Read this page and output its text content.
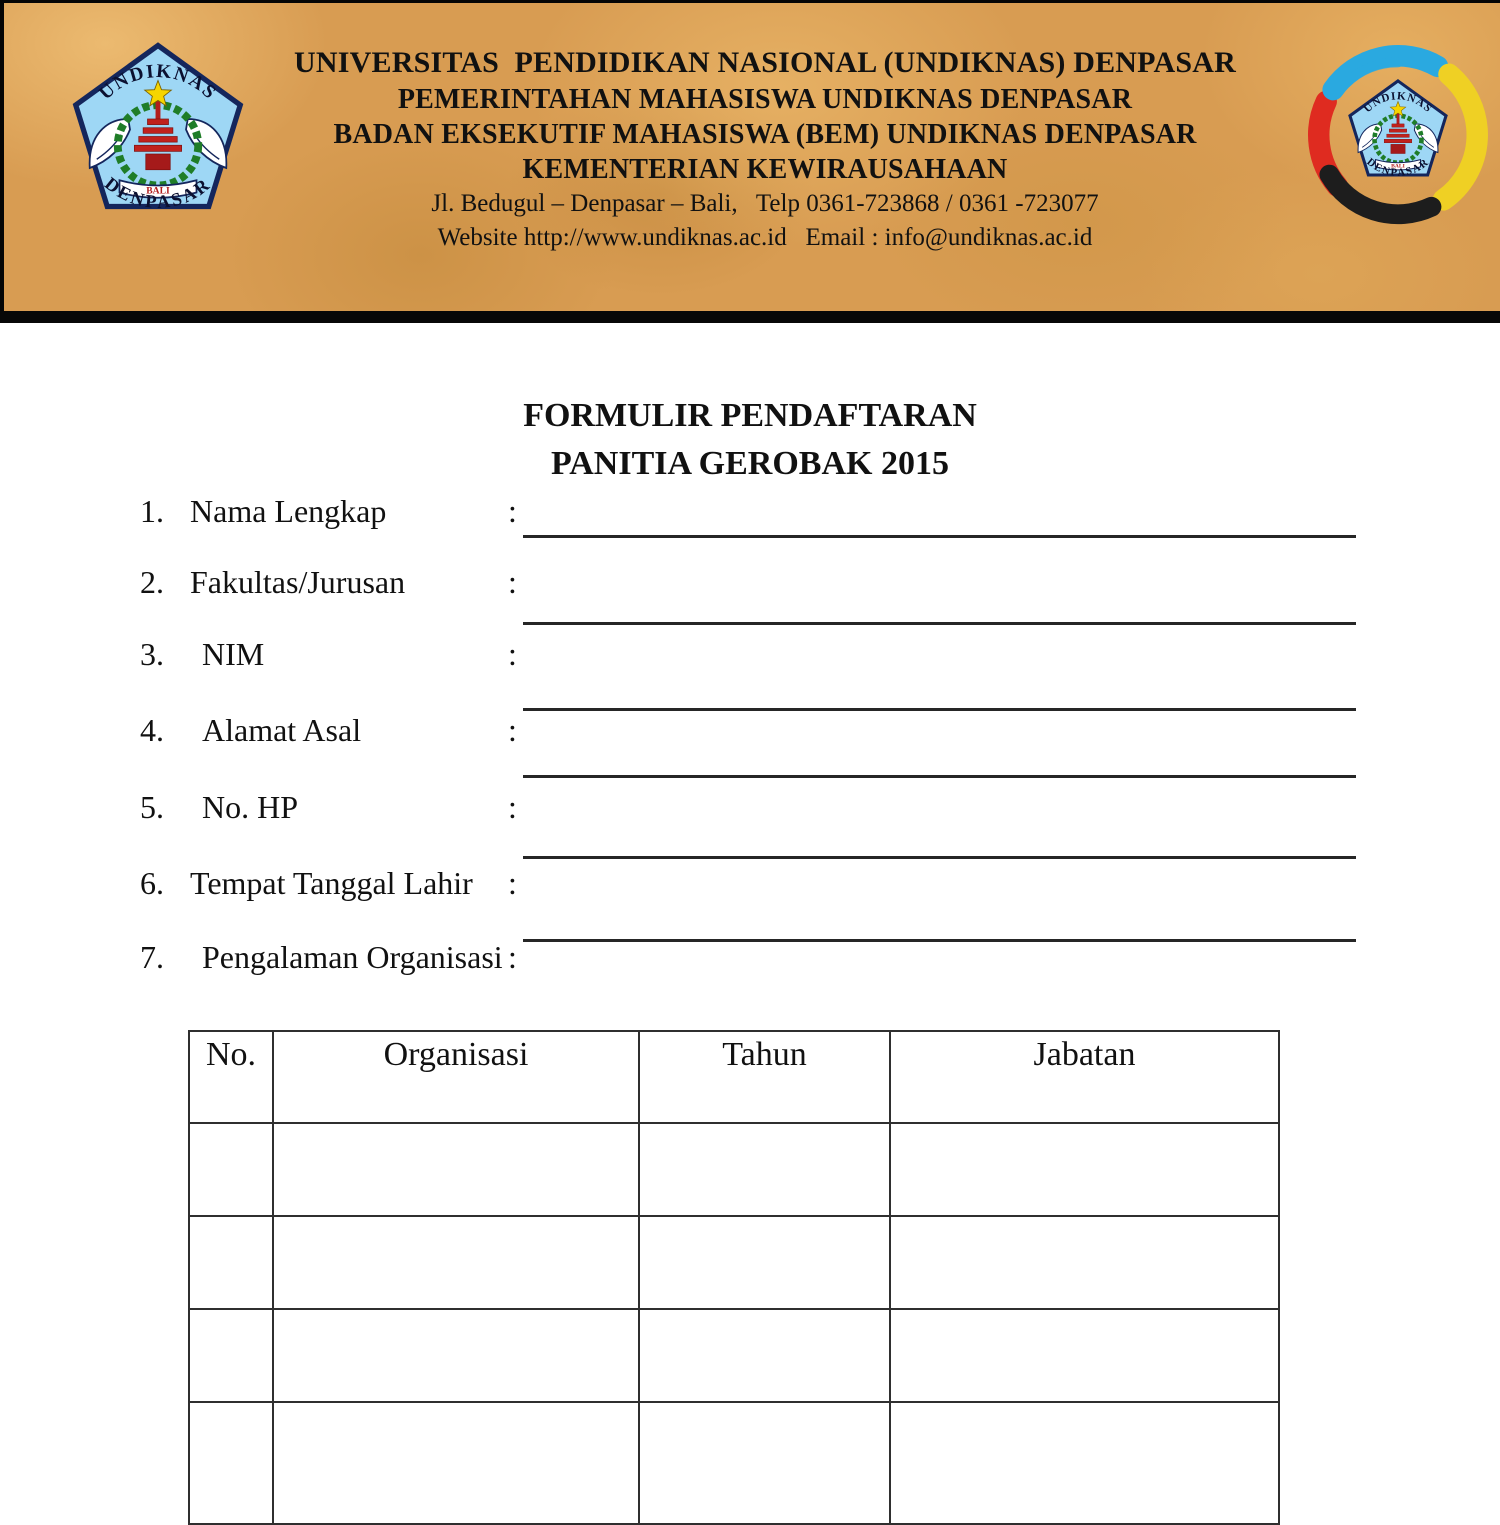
UNIVERSITAS  PENDIDIKAN NASIONAL (UNDIKNAS) DENPASAR
PEMERINTAHAN MAHASISWA UNDIKNAS DENPASAR
BADAN EKSEKUTIF MAHASISWA (BEM) UNDIKNAS DENPASAR
KEMENTERIAN KEWIRAUSAHAAN
Jl. Bedugul – Denpasar – Bali,   Telp 0361-723868 / 0361 -723077
Website http://www.undiknas.ac.id   Email : info@undiknas.ac.id
FORMULIR PENDAFTARAN
PANITIA GEROBAK 2015
1. Nama Lengkap	:
2. Fakultas/Jurusan	:
3. NIM	:
4. Alamat Asal	:
5. No. HP	:
6. Tempat Tanggal Lahir :
7. Pengalaman Organisasi :
No.	Organisasi	Tahun	Jabatan
